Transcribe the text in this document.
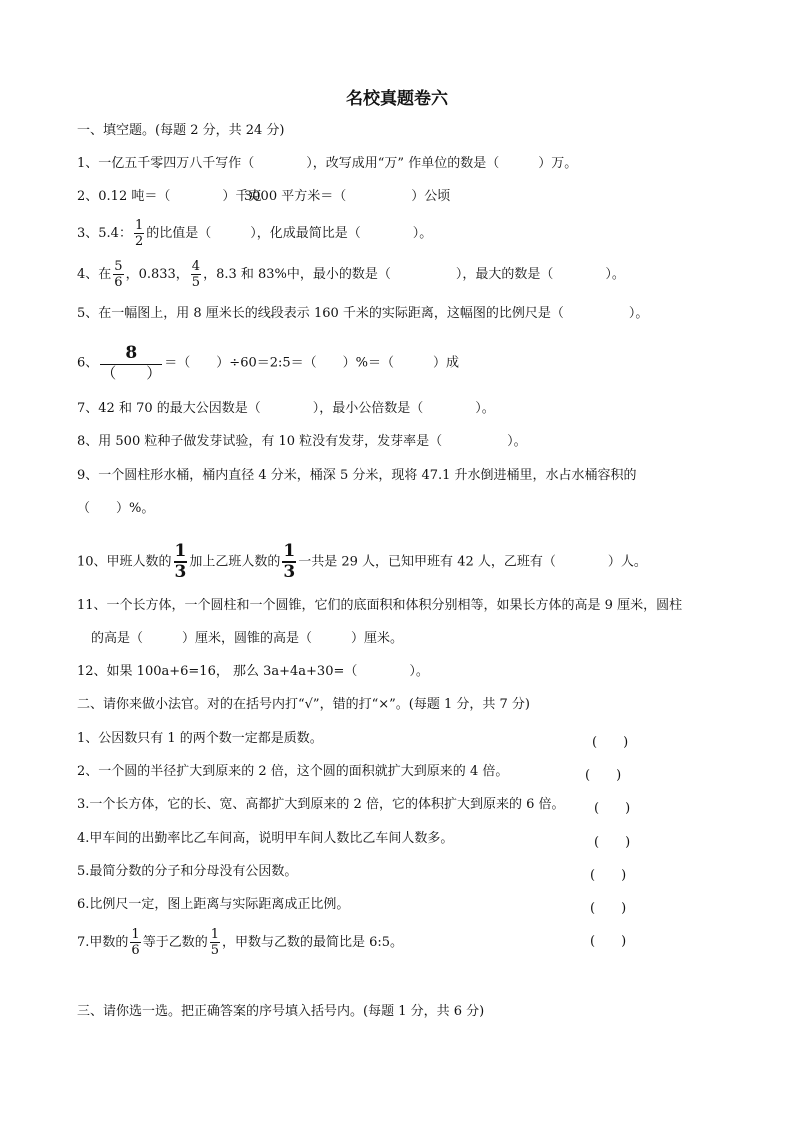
名校真题卷六
一、填空题。(每题 2 分，共 24 分)
1、一亿五千零四万八千写作（　　　　），改写成用“万” 作单位的数是（　　　）万。
2、0.12 吨＝（　　　　）千克
3000 平方米＝（　　　　　）公顷
3、5.4： $\frac{1}{2}$ 的比值是（　　　），化成最简比是（　　　　）。
4、在 $\frac{5}{6}$ ，0.833， $\frac{4}{5}$ ，8.3 和 83%中，最小的数是（　　　　　），最大的数是（　　　　）。
5、在一幅图上，用 8 厘米长的线段表示 160 千米的实际距离，这幅图的比例尺是（　　　　　）。
6、 $\frac{8}{( )}$ ＝（　　）÷60＝2:5＝（　　）%＝（　　　）成
7、42 和 70 的最大公因数是（　　　　），最小公倍数是（　　　　）。
8、用 500 粒种子做发芽试验，有 10 粒没有发芽，发芽率是（　　　　　）。
9、一个圆柱形水桶，桶内直径 4 分米，桶深 5 分米，现将 47.1 升水倒进桶里，水占水桶容积的
（　　）%。
10、甲班人数的 $\frac{1}{3}$ 加上乙班人数的 $\frac{1}{3}$ 一共是 29 人，已知甲班有 42 人，乙班有（　　　　）人。
11、一个长方体，一个圆柱和一个圆锥，它们的底面积和体积分别相等，如果长方体的高是 9 厘米，圆柱
的高是（　　　）厘米，圆锥的高是（　　　）厘米。
12、如果 100a+6=16， 那么 3a+4a+30=（　　　　）。
二、请你来做小法官。对的在括号内打“√”，错的打“×”。(每题 1 分，共 7 分)
1、公因数只有 1 的两个数一定都是质数。	(　　)
2、一个圆的半径扩大到原来的 2 倍，这个圆的面积就扩大到原来的 4 倍。	(　　)
3.一个长方体，它的长、宽、高都扩大到原来的 2 倍，它的体积扩大到原来的 6 倍。 (　　)
4.甲车间的出勤率比乙车间高，说明甲车间人数比乙车间人数多。	(　　)
5.最简分数的分子和分母没有公因数。	(　　)
6.比例尺一定，图上距离与实际距离成正比例。	(　　)
7.甲数的 $\frac{1}{6}$ 等于乙数的 $\frac{1}{5}$ ，甲数与乙数的最简比是 6:5。	(　　)
三、请你选一选。把正确答案的序号填入括号内。(每题 1 分，共 6 分)
